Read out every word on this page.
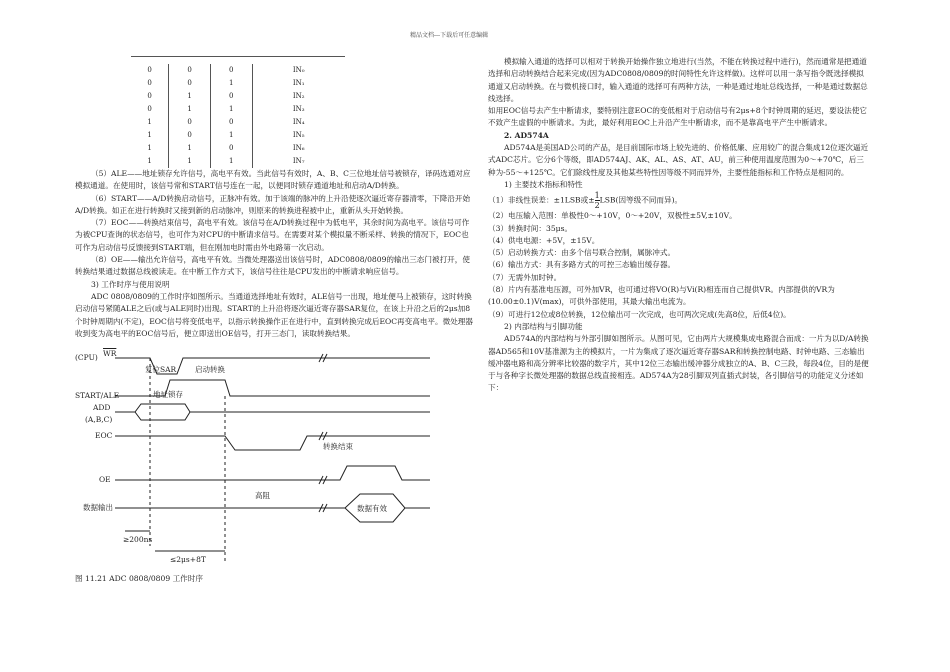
精品文档---下载后可任意编辑

0	0	0	IN₀
0	0	1	IN₁
0	1	0	IN₂
0	1	1	IN₃
1	0	0	IN₄
1	0	1	IN₅
1	1	0	IN₆
1	1	1	IN₇

（5）ALE——地址锁存允许信号，高电平有效。当此信号有效时，A、B、C三位地址信号被锁存，译码选通对应模拟通道。在使用时，该信号常和START信号连在一起，以便同时锁存通道地址和启动A/D转换。

（6）START——A/D转换启动信号，正脉冲有效。加于该端的脉冲的上升沿使逐次逼近寄存器清零，下降沿开始A/D转换。如正在进行转换时又接到新的启动脉冲，则原来的转换进程被中止，重新从头开始转换。

（7）EOC——转换结束信号，高电平有效。该信号在A/D转换过程中为低电平，其余时间为高电平。该信号可作为被CPU查询的状态信号，也可作为对CPU的中断请求信号。在需要对某个模拟量不断采样、转换的情况下，EOC也可作为启动信号反馈接到START端，但在刚加电时需由外电路第一次启动。

（8）OE——输出允许信号，高电平有效。当微处理器送出该信号时，ADC0808/0809的输出三态门被打开，使转换结果通过数据总线被读走。在中断工作方式下，该信号往往是CPU发出的中断请求响应信号。

3) 工作时序与使用说明

ADC 0808/0809的工作时序如图所示。当通道选择地址有效时，ALE信号一出现，地址便马上被锁存，这时转换启动信号紧随ALE之后(或与ALE同时)出现。START的上升沿将逐次逼近寄存器SAR复位，在该上升沿之后的2μs加8个时钟周期内(不定)，EOC信号将变低电平，以指示转换操作正在进行中，直到转换完成后EOC再变高电平。微处理器收到变为高电平的EOC信号后，便立即送出OE信号，打开三态门，读取转换结果。

(CPU) $\overline{WR}$
START/ALE
ADD
(A,B,C)
EOC
OE
数据输出
复位SAR	启动转换
地址锁存
转换结束
高阻
数据有效
≥200ns
≤2μs+8T

图 11.21 ADC 0808/0809 工作时序

模拟输入通道的选择可以相对于转换开始操作独立地进行(当然，不能在转换过程中进行)，然而通常是把通道选择和启动转换结合起来完成(因为ADC0808/0809的时间特性允许这样做)。这样可以用一条写指令既选择模拟通道又启动转换。在与微机接口时，输入通道的选择可有两种方法，一种是通过地址总线选择，一种是通过数据总线选择。

如用EOC信号去产生中断请求，要特别注意EOC的变低相对于启动信号有2μs+8个时钟周期的延迟，要设法使它不致产生虚假的中断请求。为此，最好利用EOC上升沿产生中断请求，而不是靠高电平产生中断请求。

2. AD574A

AD574A是美国AD公司的产品，是目前国际市场上较先进的、价格低廉、应用较广的混合集成12位逐次逼近式ADC芯片。它分6个等级，即AD574AJ、AK、AL、AS、AT、AU，前三种使用温度范围为0～+70℃，后三种为-55～+125℃。它们除线性度及其他某些特性因等级不同而异外，主要性能指标和工作特点是相同的。

1) 主要技术指标和特性

（1）非线性误差：±1LSB或± $\frac{1}{2} LSB$(因等级不同而异)。

（2）电压输入范围：单极性0～+10V，0～+20V，双极性±5V,±10V。

（3）转换时间：35μs。

（4）供电电源：+5V，±15V。

（5）启动转换方式：由多个信号联合控制，属脉冲式。

（6）输出方式：具有多路方式的可控三态输出缓存器。

（7）无需外加时钟。

（8）片内有基准电压源，可外加VR，也可通过将VO(R)与Vi(R)相连而自己提供VR。内部提供的VR为(10.00±0.1)V(max)，可供外部使用，其最大输出电流为。

（9）可进行12位或8位转换，12位输出可一次完成，也可两次完成(先高8位，后低4位)。

2) 内部结构与引脚功能

AD574A的内部结构与外部引脚如图所示。从图可见，它由两片大规模集成电路混合而成：一片为以D/A转换器AD565和10V基准源为主的模拟片，一片为集成了逐次逼近寄存器SAR和转换控制电路、时钟电路、三态输出缓冲器电路和高分辨率比较器的数字片，其中12位三态输出缓冲器分成独立的A、B、C三段，每段4位，目的是便于与各种字长微处理器的数据总线直接相连。AD574A为28引脚双列直插式封装，各引脚信号的功能定义分述如下：
